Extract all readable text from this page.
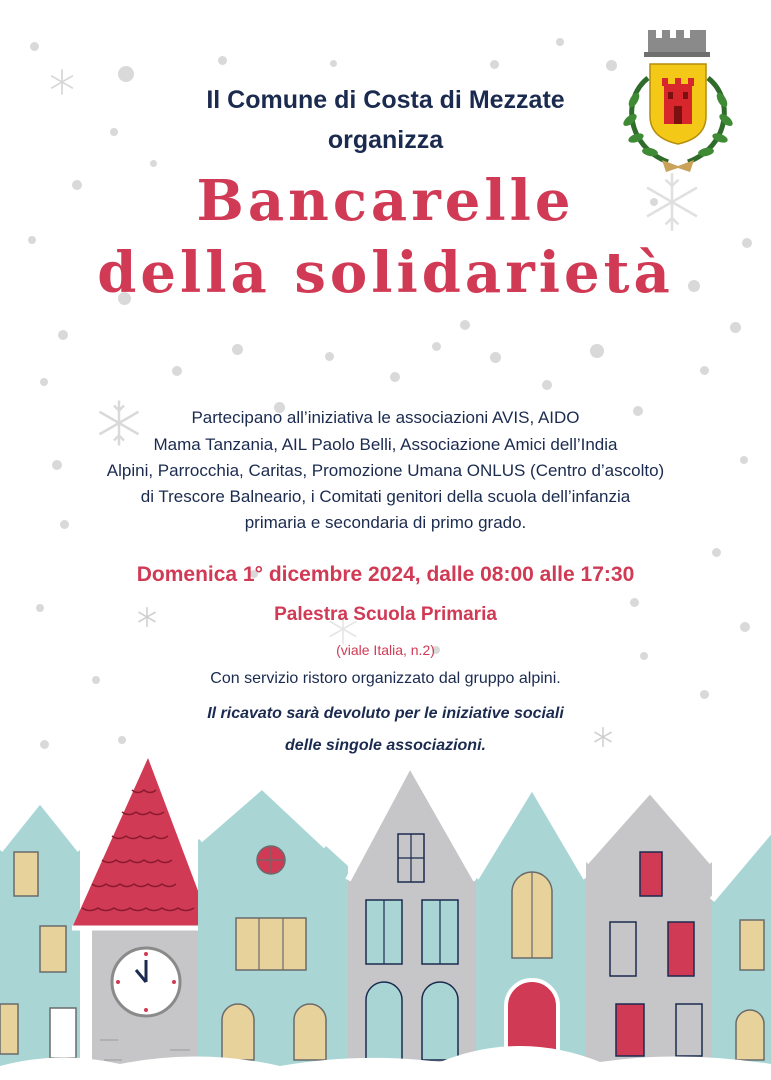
Il Comune di Costa di Mezzate

organizza

Bancarelle

della solidarietà

Partecipano all’iniziativa le associazioni AVIS, AIDO

Mama Tanzania, AIL Paolo Belli, Associazione Amici dell’India

Alpini, Parrocchia, Caritas, Promozione Umana ONLUS (Centro d’ascolto)

di Trescore Balneario, i Comitati genitori della scuola dell’infanzia

primaria e secondaria di primo grado.

Domenica 1° dicembre 2024, dalle 08:00 alle 17:30

Palestra Scuola Primaria

(viale Italia, n.2)

Con servizio ristoro organizzato dal gruppo alpini.

Il ricavato sarà devoluto per le iniziative sociali

delle singole associazioni.
